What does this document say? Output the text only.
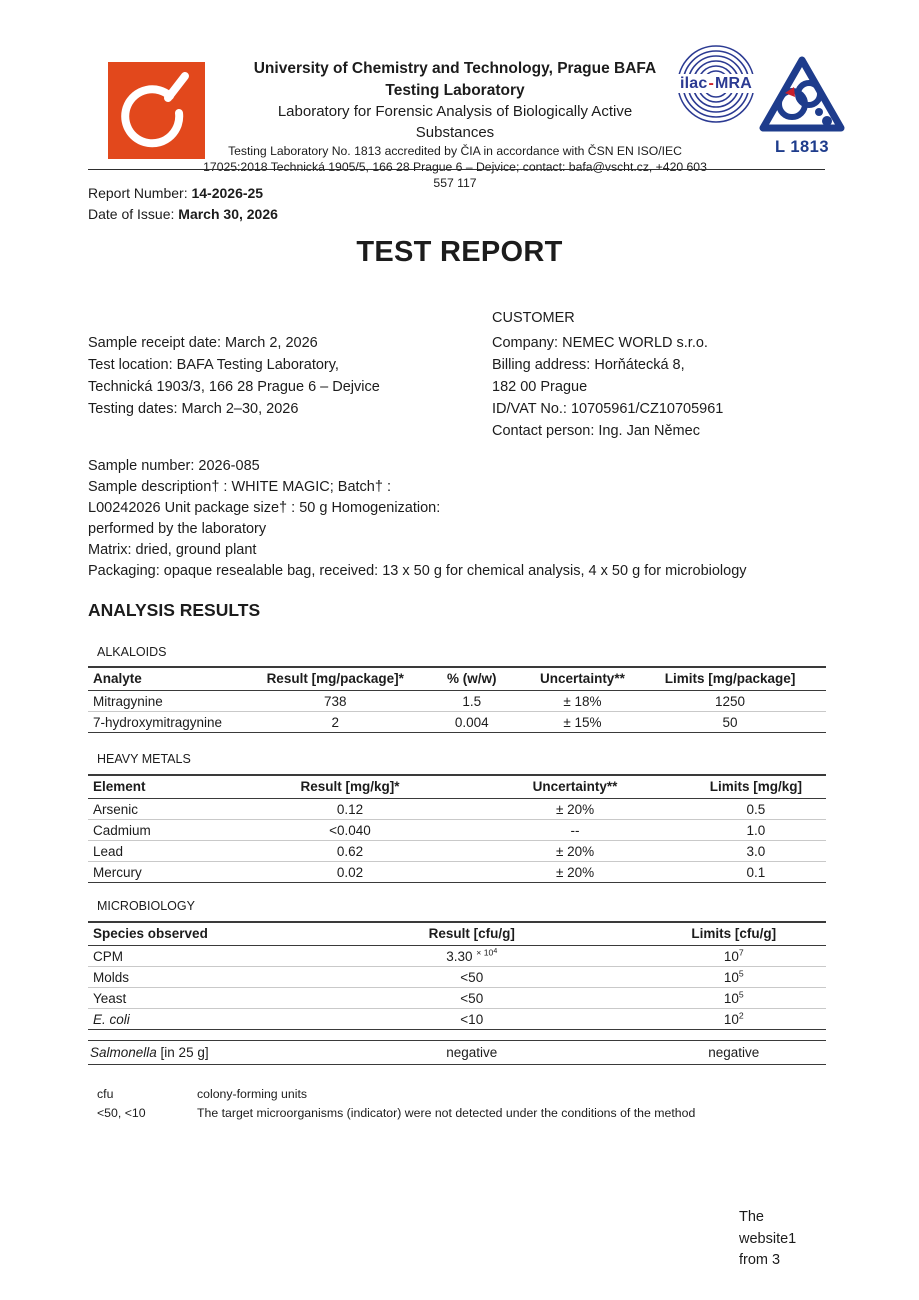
University of Chemistry and Technology, Prague BAFA
Testing Laboratory
Laboratory for Forensic Analysis of Biologically Active
Substances
Testing Laboratory No. 1813 accredited by ČIA in accordance with ČSN EN ISO/IEC
17025:2018 Technická 1905/5, 166 28 Prague 6 – Dejvice; contact: bafa@vscht.cz, +420 603
557 117
ilac - MRA
L 1813
Report Number: 14-2026-25
Date of Issue: March 30, 2026
TEST REPORT
CUSTOMER
Sample receipt date: March 2, 2026
Test location: BAFA Testing Laboratory,
Technická 1903/3, 166 28 Prague 6 – Dejvice
Testing dates: March 2–30, 2026
Company: NEMEC WORLD s.r.o.
Billing address: Horňátecká 8,
182 00 Prague
ID/VAT No.: 10705961/CZ10705961
Contact person: Ing. Jan Němec
Sample number: 2026-085
Sample description† : WHITE MAGIC; Batch† :
L00242026 Unit package size† : 50 g Homogenization:
performed by the laboratory
Matrix: dried, ground plant
Packaging: opaque resealable bag, received: 13 x 50 g for chemical analysis, 4 x 50 g for microbiology
ANALYSIS RESULTS
ALKALOIDS
Analyte	Result [mg/package]*	% (w/w)	Uncertainty**	Limits [mg/package]
Mitragynine	738	1.5	± 18%	1250
7-hydroxymitragynine	2	0.004	± 15%	50
HEAVY METALS
Element	Result [mg/kg]*	Uncertainty**	Limits [mg/kg]
Arsenic	0.12	± 20%	0.5
Cadmium	<0.040	--	1.0
Lead	0.62	± 20%	3.0
Mercury	0.02	± 20%	0.1
MICROBIOLOGY
Species observed	Result [cfu/g]	Limits [cfu/g]
CPM	3.30 $^{\times 104}$	$10^7$
Molds	<50	$10^5$
Yeast	<50	$10^5$
E. coli	<10	$10^2$
Salmonella [in 25 g]	negative	negative
cfu	colony-forming units
<50, <10	The target microorganisms (indicator) were not detected under the conditions of the method
The
website1
from 3
